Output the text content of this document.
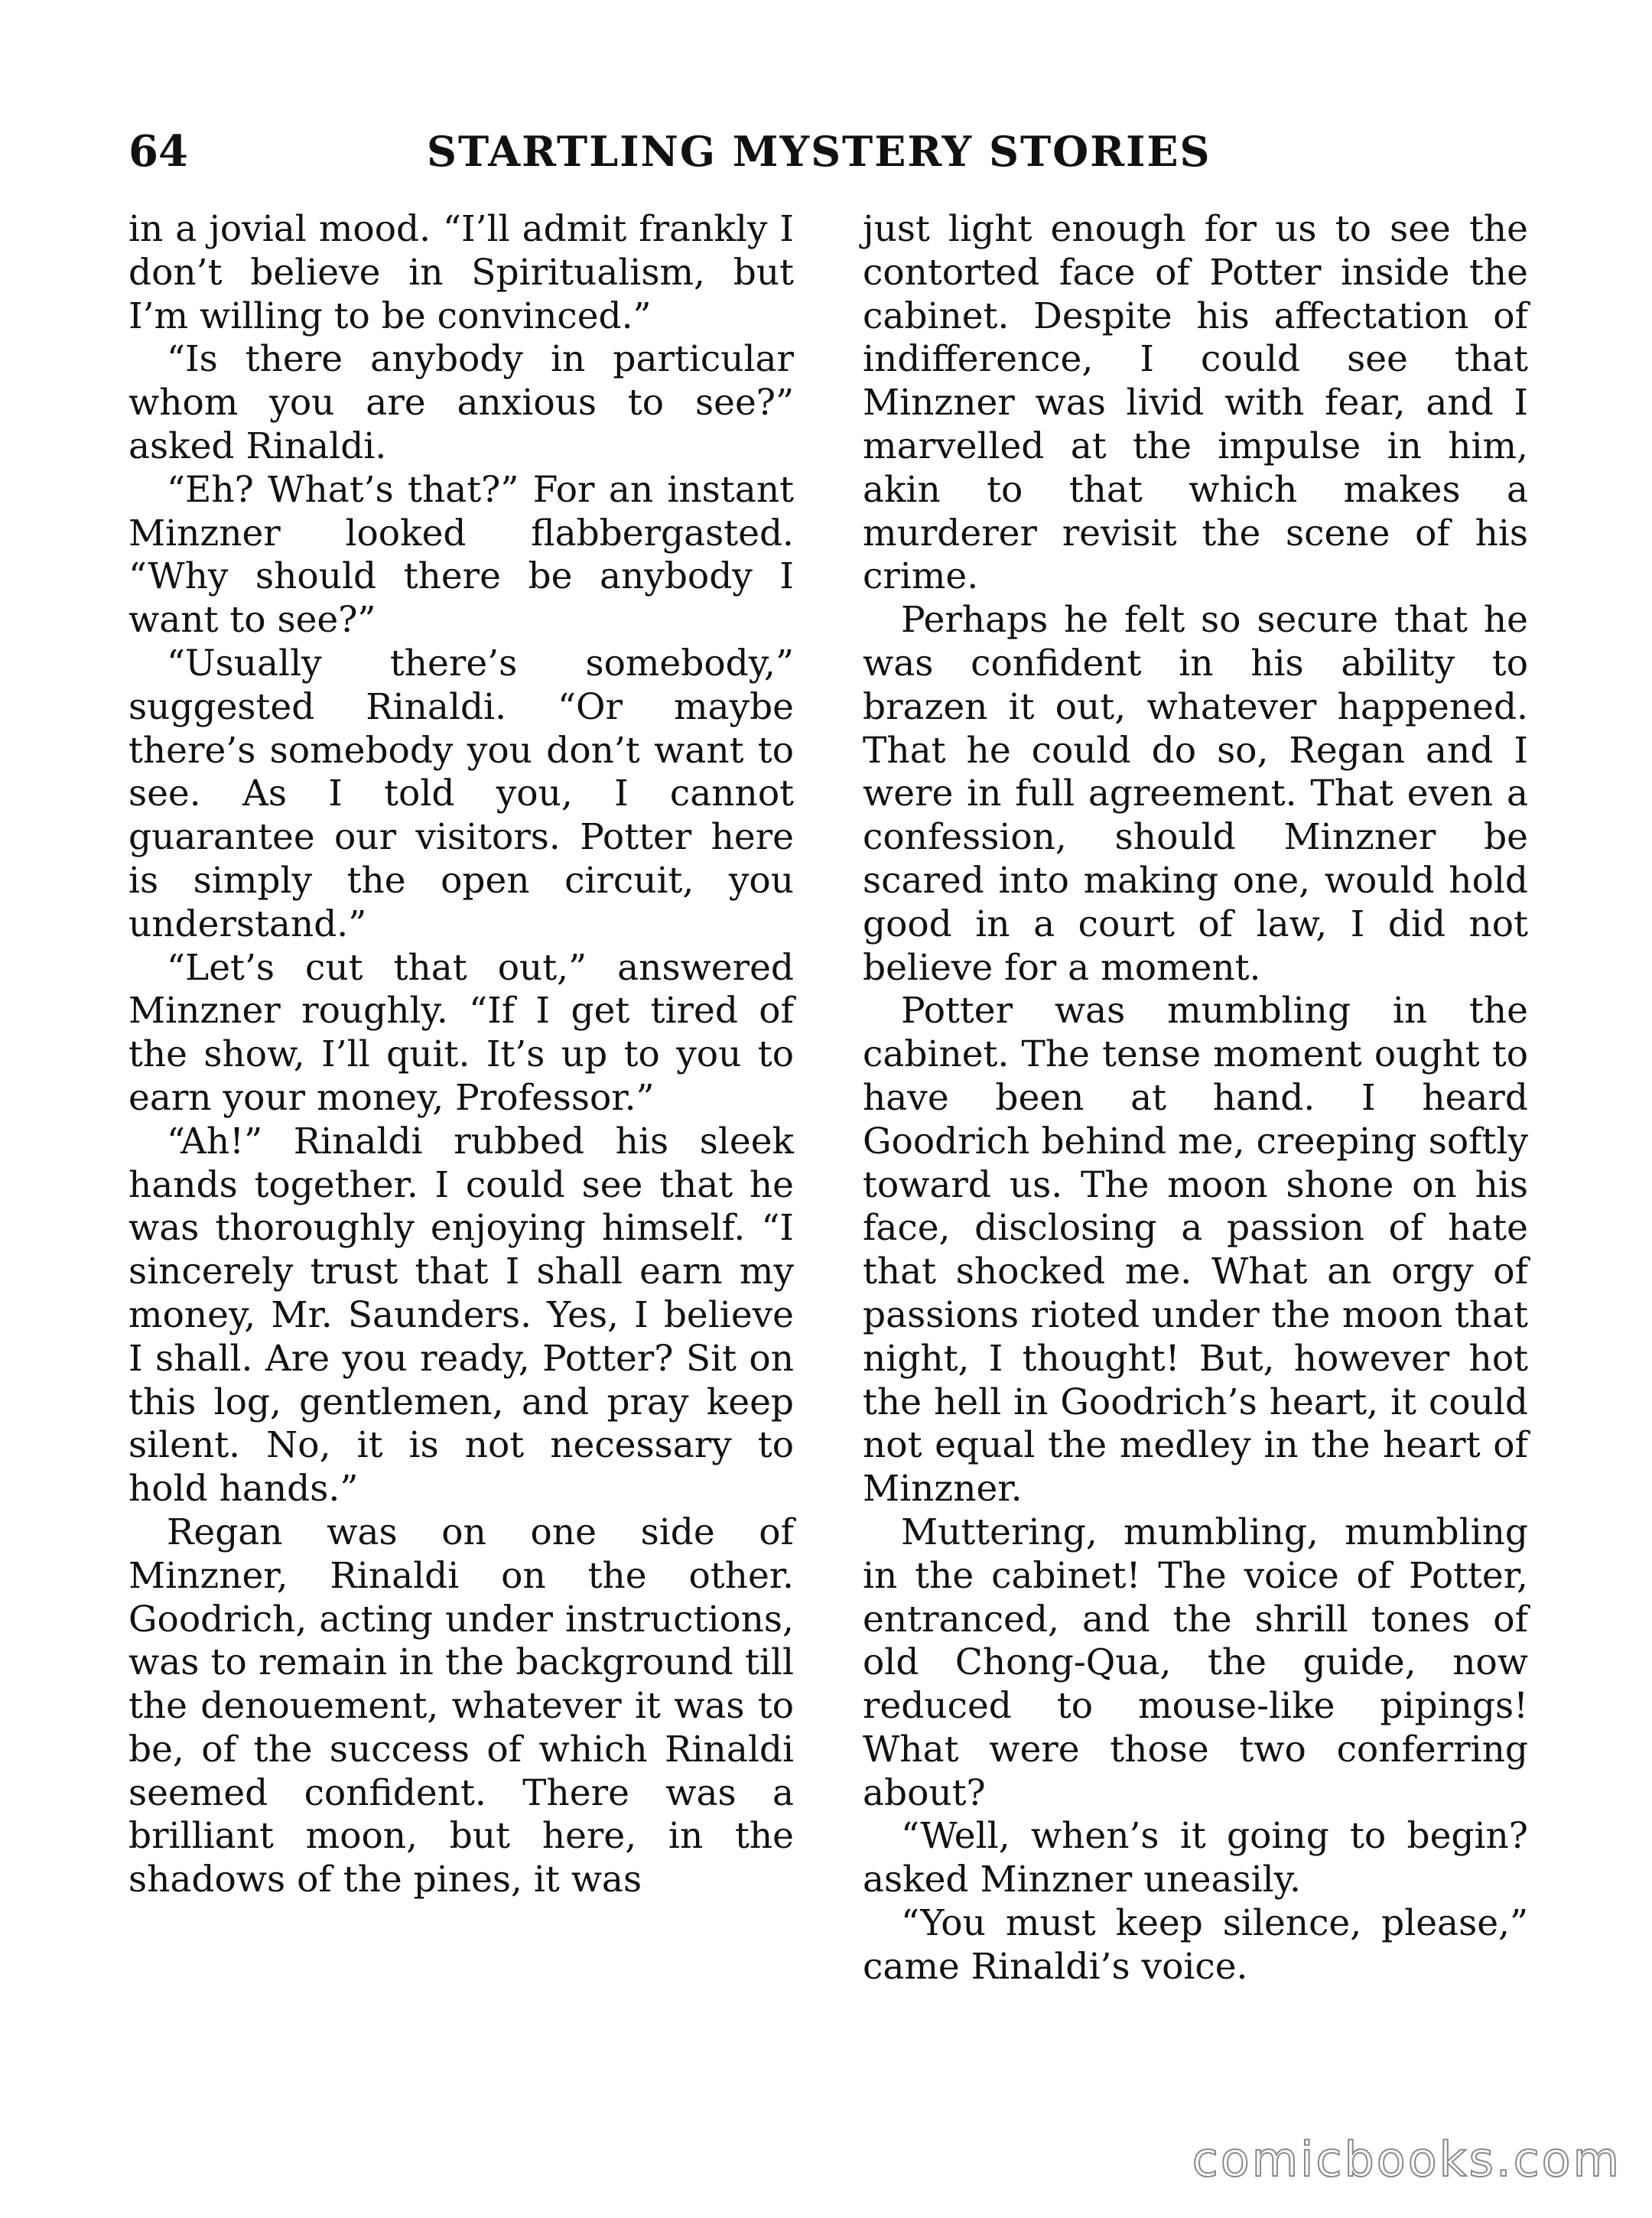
64	STARTLING MYSTERY STORIES

in a jovial mood. “I’ll admit frankly I don’t believe in Spiritualism, but I’m willing to be convinced.”

“Is there anybody in particular whom you are anxious to see?” asked Rinaldi.

“Eh? What’s that?” For an instant Minzner looked flabbergasted. “Why should there be anybody I want to see?”

“Usually there’s somebody,” suggested Rinaldi. “Or maybe there’s somebody you don’t want to see. As I told you, I cannot guarantee our visitors. Potter here is simply the open circuit, you understand.”

“Let’s cut that out,” answered Minzner roughly. “If I get tired of the show, I’ll quit. It’s up to you to earn your money, Professor.”

“Ah!” Rinaldi rubbed his sleek hands together. I could see that he was thoroughly enjoying himself. “I sincerely trust that I shall earn my money, Mr. Saunders. Yes, I believe I shall. Are you ready, Potter? Sit on this log, gentlemen, and pray keep silent. No, it is not necessary to hold hands.”

Regan was on one side of Minzner, Rinaldi on the other. Goodrich, acting under instructions, was to remain in the background till the denouement, whatever it was to be, of the success of which Rinaldi seemed confident. There was a brilliant moon, but here, in the shadows of the pines, it was

just light enough for us to see the contorted face of Potter inside the cabinet. Despite his affectation of indifference, I could see that Minzner was livid with fear, and I marvelled at the impulse in him, akin to that which makes a murderer revisit the scene of his crime.

Perhaps he felt so secure that he was confident in his ability to brazen it out, whatever happened. That he could do so, Regan and I were in full agreement. That even a confession, should Minzner be scared into making one, would hold good in a court of law, I did not believe for a moment.

Potter was mumbling in the cabinet. The tense moment ought to have been at hand. I heard Goodrich behind me, creeping softly toward us. The moon shone on his face, disclosing a passion of hate that shocked me. What an orgy of passions rioted under the moon that night, I thought! But, however hot the hell in Goodrich’s heart, it could not equal the medley in the heart of Minzner.

Muttering, mumbling, mumbling in the cabinet! The voice of Potter, entranced, and the shrill tones of old Chong-Qua, the guide, now reduced to mouse-like pipings! What were those two conferring about?

“Well, when’s it going to begin? asked Minzner uneasily.

“You must keep silence, please,” came Rinaldi’s voice.

comicbooks.com
